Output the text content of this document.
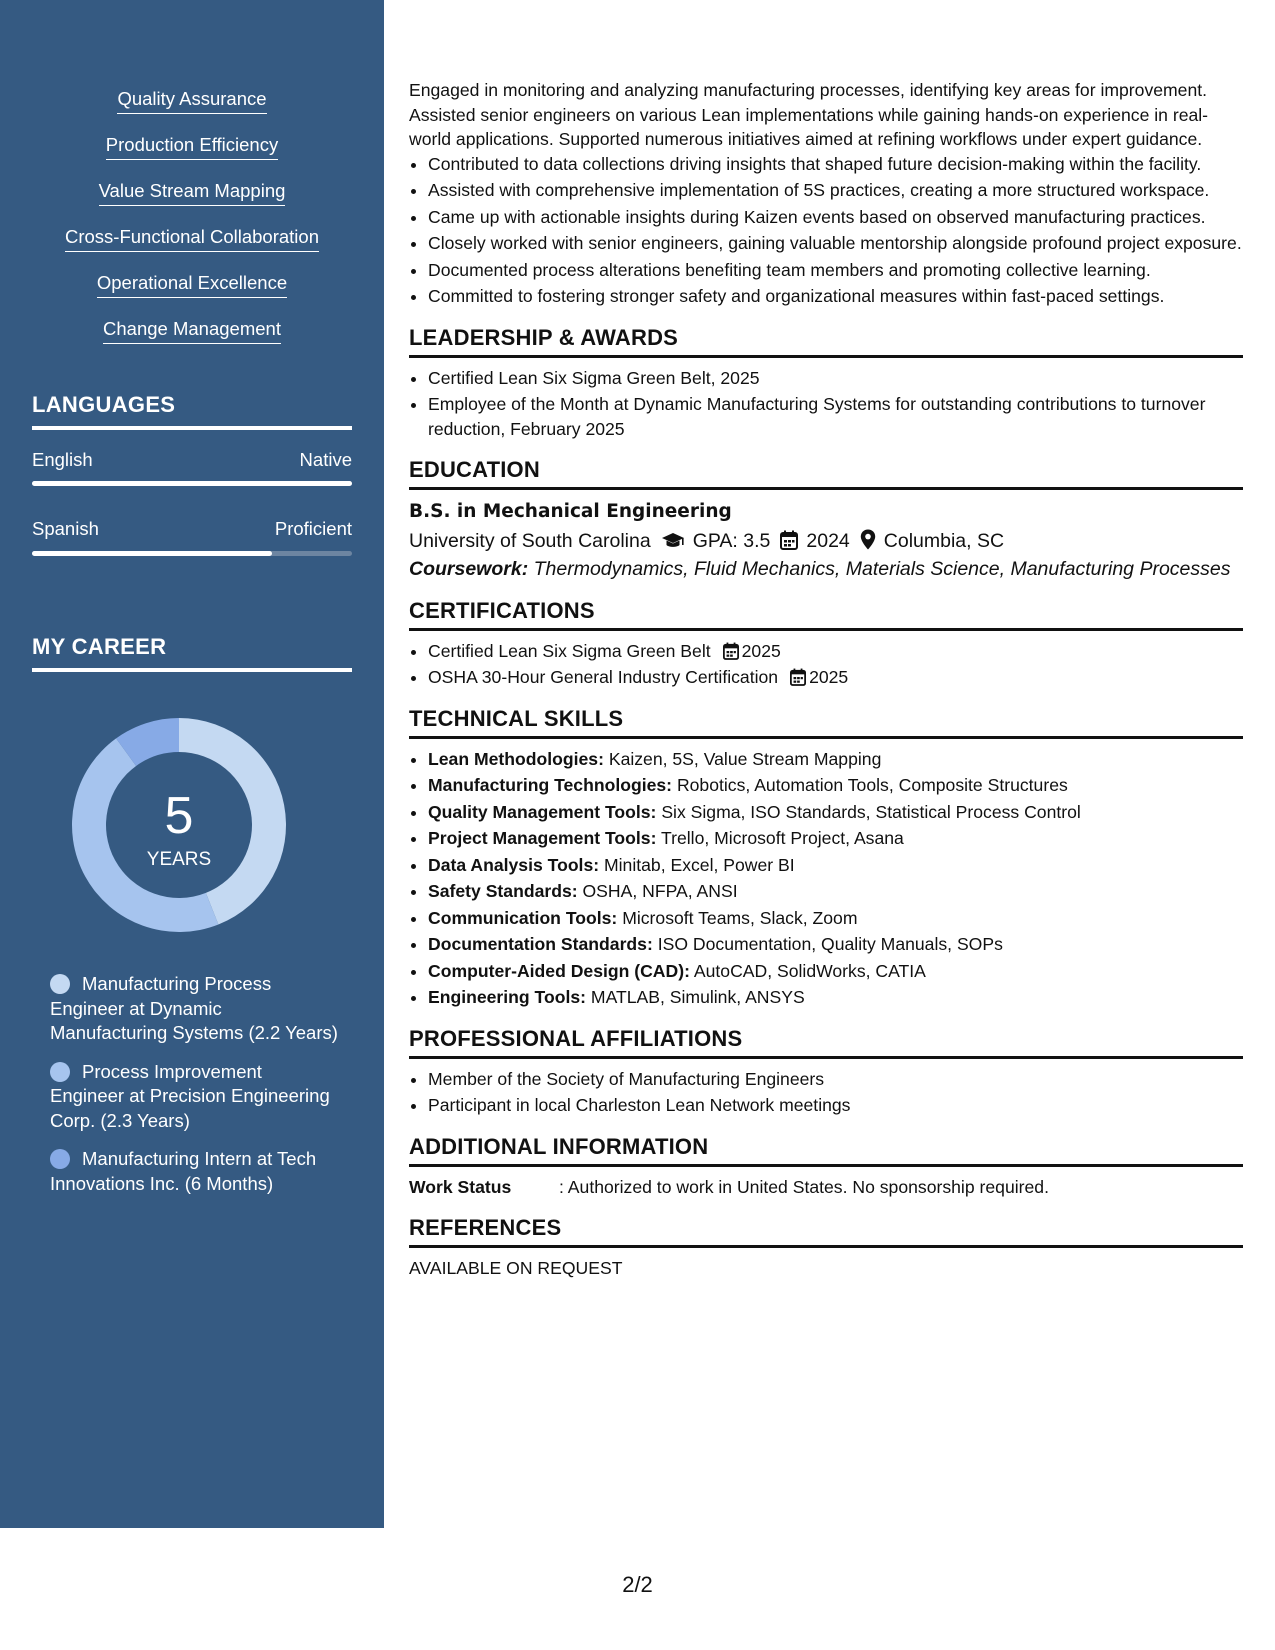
Quality Assurance
Production Efficiency
Value Stream Mapping
Cross-Functional Collaboration
Operational Excellence
Change Management
LANGUAGES
English	Native
Spanish	Proficient
MY CAREER
5
YEARS
Manufacturing Process Engineer at Dynamic Manufacturing Systems (2.2 Years)
Process Improvement Engineer at Precision Engineering Corp. (2.3 Years)
Manufacturing Intern at Tech Innovations Inc. (6 Months)

Engaged in monitoring and analyzing manufacturing processes, identifying key areas for improvement. Assisted senior engineers on various Lean implementations while gaining hands-on experience in real-world applications. Supported numerous initiatives aimed at refining workflows under expert guidance.

• Contributed to data collections driving insights that shaped future decision-making within the facility.
• Assisted with comprehensive implementation of 5S practices, creating a more structured workspace.
• Came up with actionable insights during Kaizen events based on observed manufacturing practices.
• Closely worked with senior engineers, gaining valuable mentorship alongside profound project exposure.
• Documented process alterations benefiting team members and promoting collective learning.
• Committed to fostering stronger safety and organizational measures within fast-paced settings.
LEADERSHIP & AWARDS
• Certified Lean Six Sigma Green Belt, 2025
• Employee of the Month at Dynamic Manufacturing Systems for outstanding contributions to turnover reduction, February 2025
EDUCATION
B.S. in Mechanical Engineering
University of South Carolina GPA: 3.5 2024 Columbia, SC
Coursework: Thermodynamics, Fluid Mechanics, Materials Science, Manufacturing Processes
CERTIFICATIONS
• Certified Lean Six Sigma Green Belt 2025
• OSHA 30-Hour General Industry Certification 2025
TECHNICAL SKILLS
• Lean Methodologies: Kaizen, 5S, Value Stream Mapping
• Manufacturing Technologies: Robotics, Automation Tools, Composite Structures
• Quality Management Tools: Six Sigma, ISO Standards, Statistical Process Control
• Project Management Tools: Trello, Microsoft Project, Asana
• Data Analysis Tools: Minitab, Excel, Power BI
• Safety Standards: OSHA, NFPA, ANSI
• Communication Tools: Microsoft Teams, Slack, Zoom
• Documentation Standards: ISO Documentation, Quality Manuals, SOPs
• Computer-Aided Design (CAD): AutoCAD, SolidWorks, CATIA
• Engineering Tools: MATLAB, Simulink, ANSYS
PROFESSIONAL AFFILIATIONS
• Member of the Society of Manufacturing Engineers
• Participant in local Charleston Lean Network meetings
ADDITIONAL INFORMATION
Work Status	: Authorized to work in United States. No sponsorship required.
REFERENCES
AVAILABLE ON REQUEST
2/2
